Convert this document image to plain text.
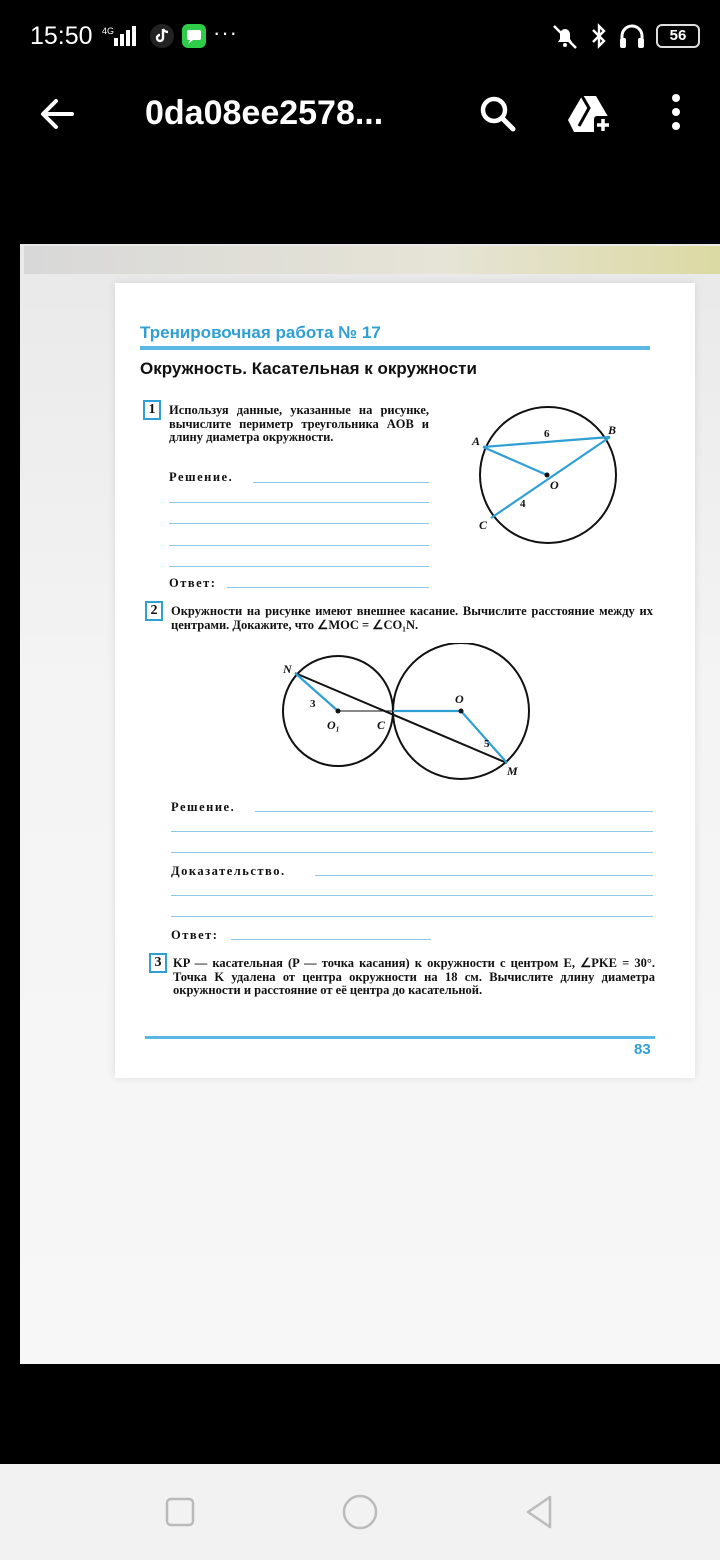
15:50 4G	···	56
0da08ee2578...
Тренировочная работа № 17
Окружность. Касательная к окружности
1	Используя данные, указанные на рисунке, вычислите периметр треугольника AOB и длину диаметра окружности.
Решение.
Ответ:
A
B
O
C
6
4
2	Окружности на рисунке имеют внешнее касание. Вычислите расстояние между их центрами. Докажите, что ∠MOC = ∠CO₁N.
N
O₁	C
O
M
3
5
Решение.
Доказательство.
Ответ:
3 KP — касательная (P — точка касания) к окружности с центром E, ∠PKE = 30°. Точка K удалена от центра окружности на 18 см. Вычислите длину диаметра окружности и расстояние от её центра до касательной.
83
